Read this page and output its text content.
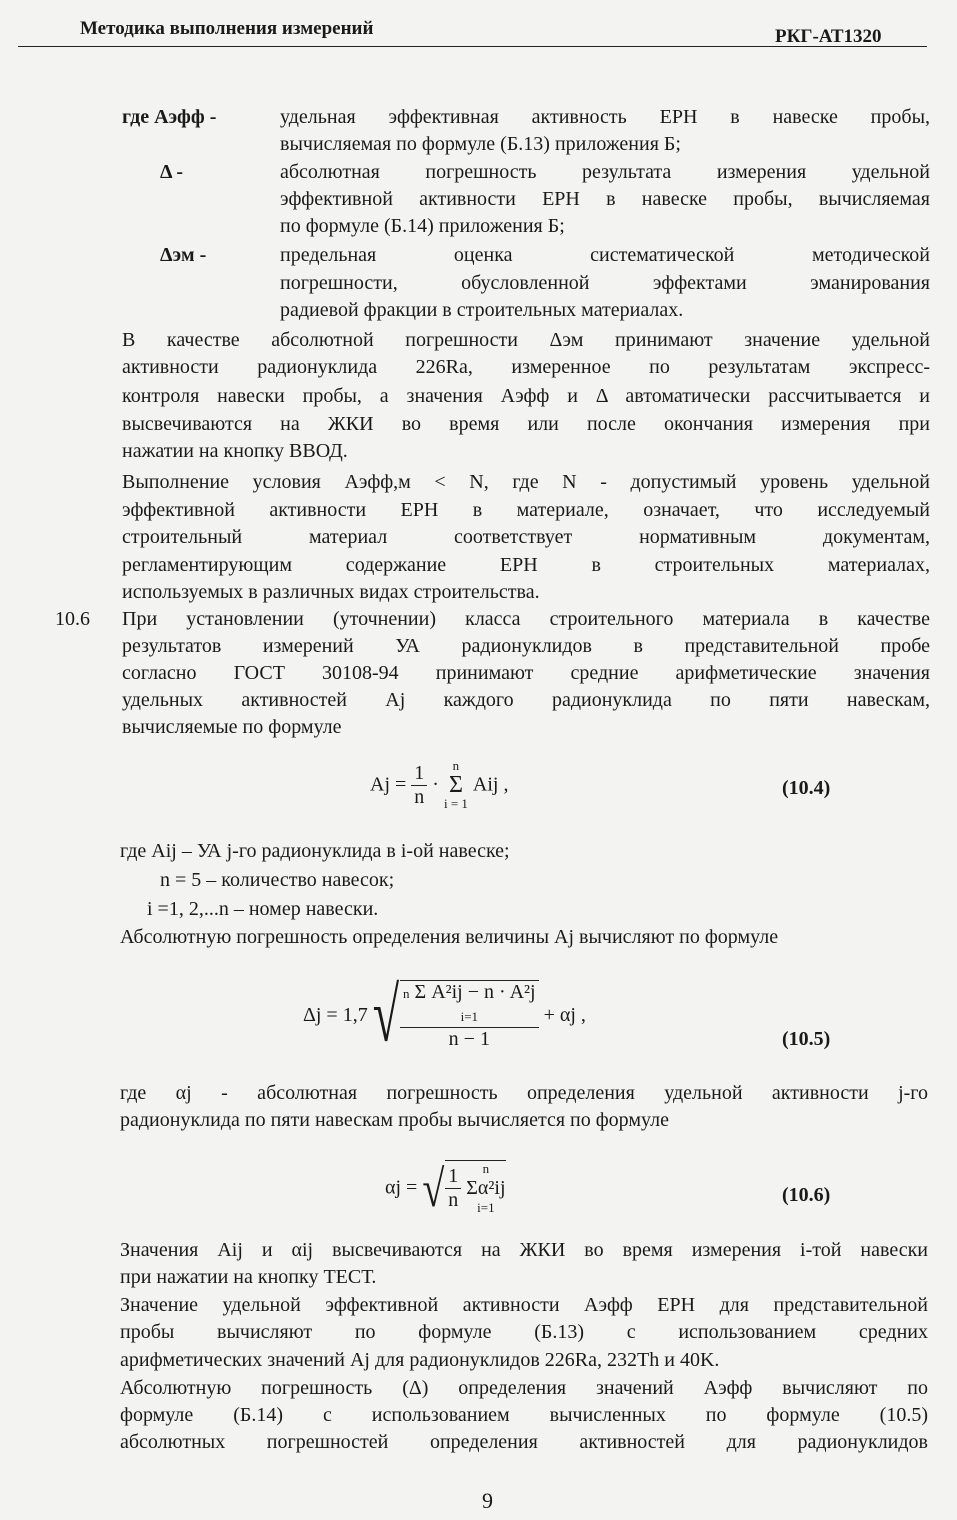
Методика выполнения измерений	РКГ-АТ1320
где Аэфф -	удельная эффективная активность ЕРН в навеске пробы,
вычисляемая по формуле (Б.13) приложения Б;
Δ -	абсолютная погрешность результата измерения удельной
эффективной активности ЕРН в навеске пробы, вычисляемая
по формуле (Б.14) приложения Б;
Δэм -	предельная оценка систематической методической
погрешности, обусловленной эффектами эманирования
радиевой фракции в строительных материалах.
В качестве абсолютной погрешности Δэм принимают значение удельной
активности радионуклида 226Ra, измеренное по результатам экспресс-
контроля навески пробы, а значения Аэфф и Δ автоматически рассчитывается и
высвечиваются на ЖКИ во время или после окончания измерения при
нажатии на кнопку ВВОД.
Выполнение условия Аэфф,м < N, где N - допустимый уровень удельной
эффективной активности ЕРН в материале, означает, что исследуемый
строительный материал соответствует нормативным документам,
регламентирующим содержание ЕРН в строительных материалах,
используемых в различных видах строительства.
10.6 При установлении (уточнении) класса строительного материала в качестве
результатов измерений УА радионуклидов в представительной пробе
согласно ГОСТ 30108-94 принимают средние арифметические значения
удельных активностей Aj каждого радионуклида по пяти навескам,
вычисляемые по формуле
$Aj = \frac{1}{n}$ ·
n
Σ
i = 1
Aij ,	(10.4)
где Aij – УА j-го радионуклида в i-ой навеске;
n = 5 – количество навесок;
i =1, 2,...n – номер навески.
Абсолютную погрешность определения величины Aj вычисляют по формуле
Δj = 1,7 √ n Σ A²ij − n · A²j
i=1
n − 1
+ αj ,
(10.5)
где αj - абсолютная погрешность определения удельной активности j-го
радионуклида по пяти навескам пробы вычисляется по формуле
αj = √ $\frac{1}{n}$
	n
Σα²ij
i=1
(10.6)
Значения Aij и αij высвечиваются на ЖКИ во время измерения i-той навески
при нажатии на кнопку ТЕСТ.
Значение удельной эффективной активности Аэфф ЕРН для представительной
пробы вычисляют по формуле (Б.13) с использованием средних
арифметических значений Aj для радионуклидов 226Ra, 232Th и 40K.
Абсолютную погрешность (Δ) определения значений Аэфф вычисляют по
формуле (Б.14) с использованием вычисленных по формуле (10.5)
абсолютных погрешностей определения активностей для радионуклидов
9
